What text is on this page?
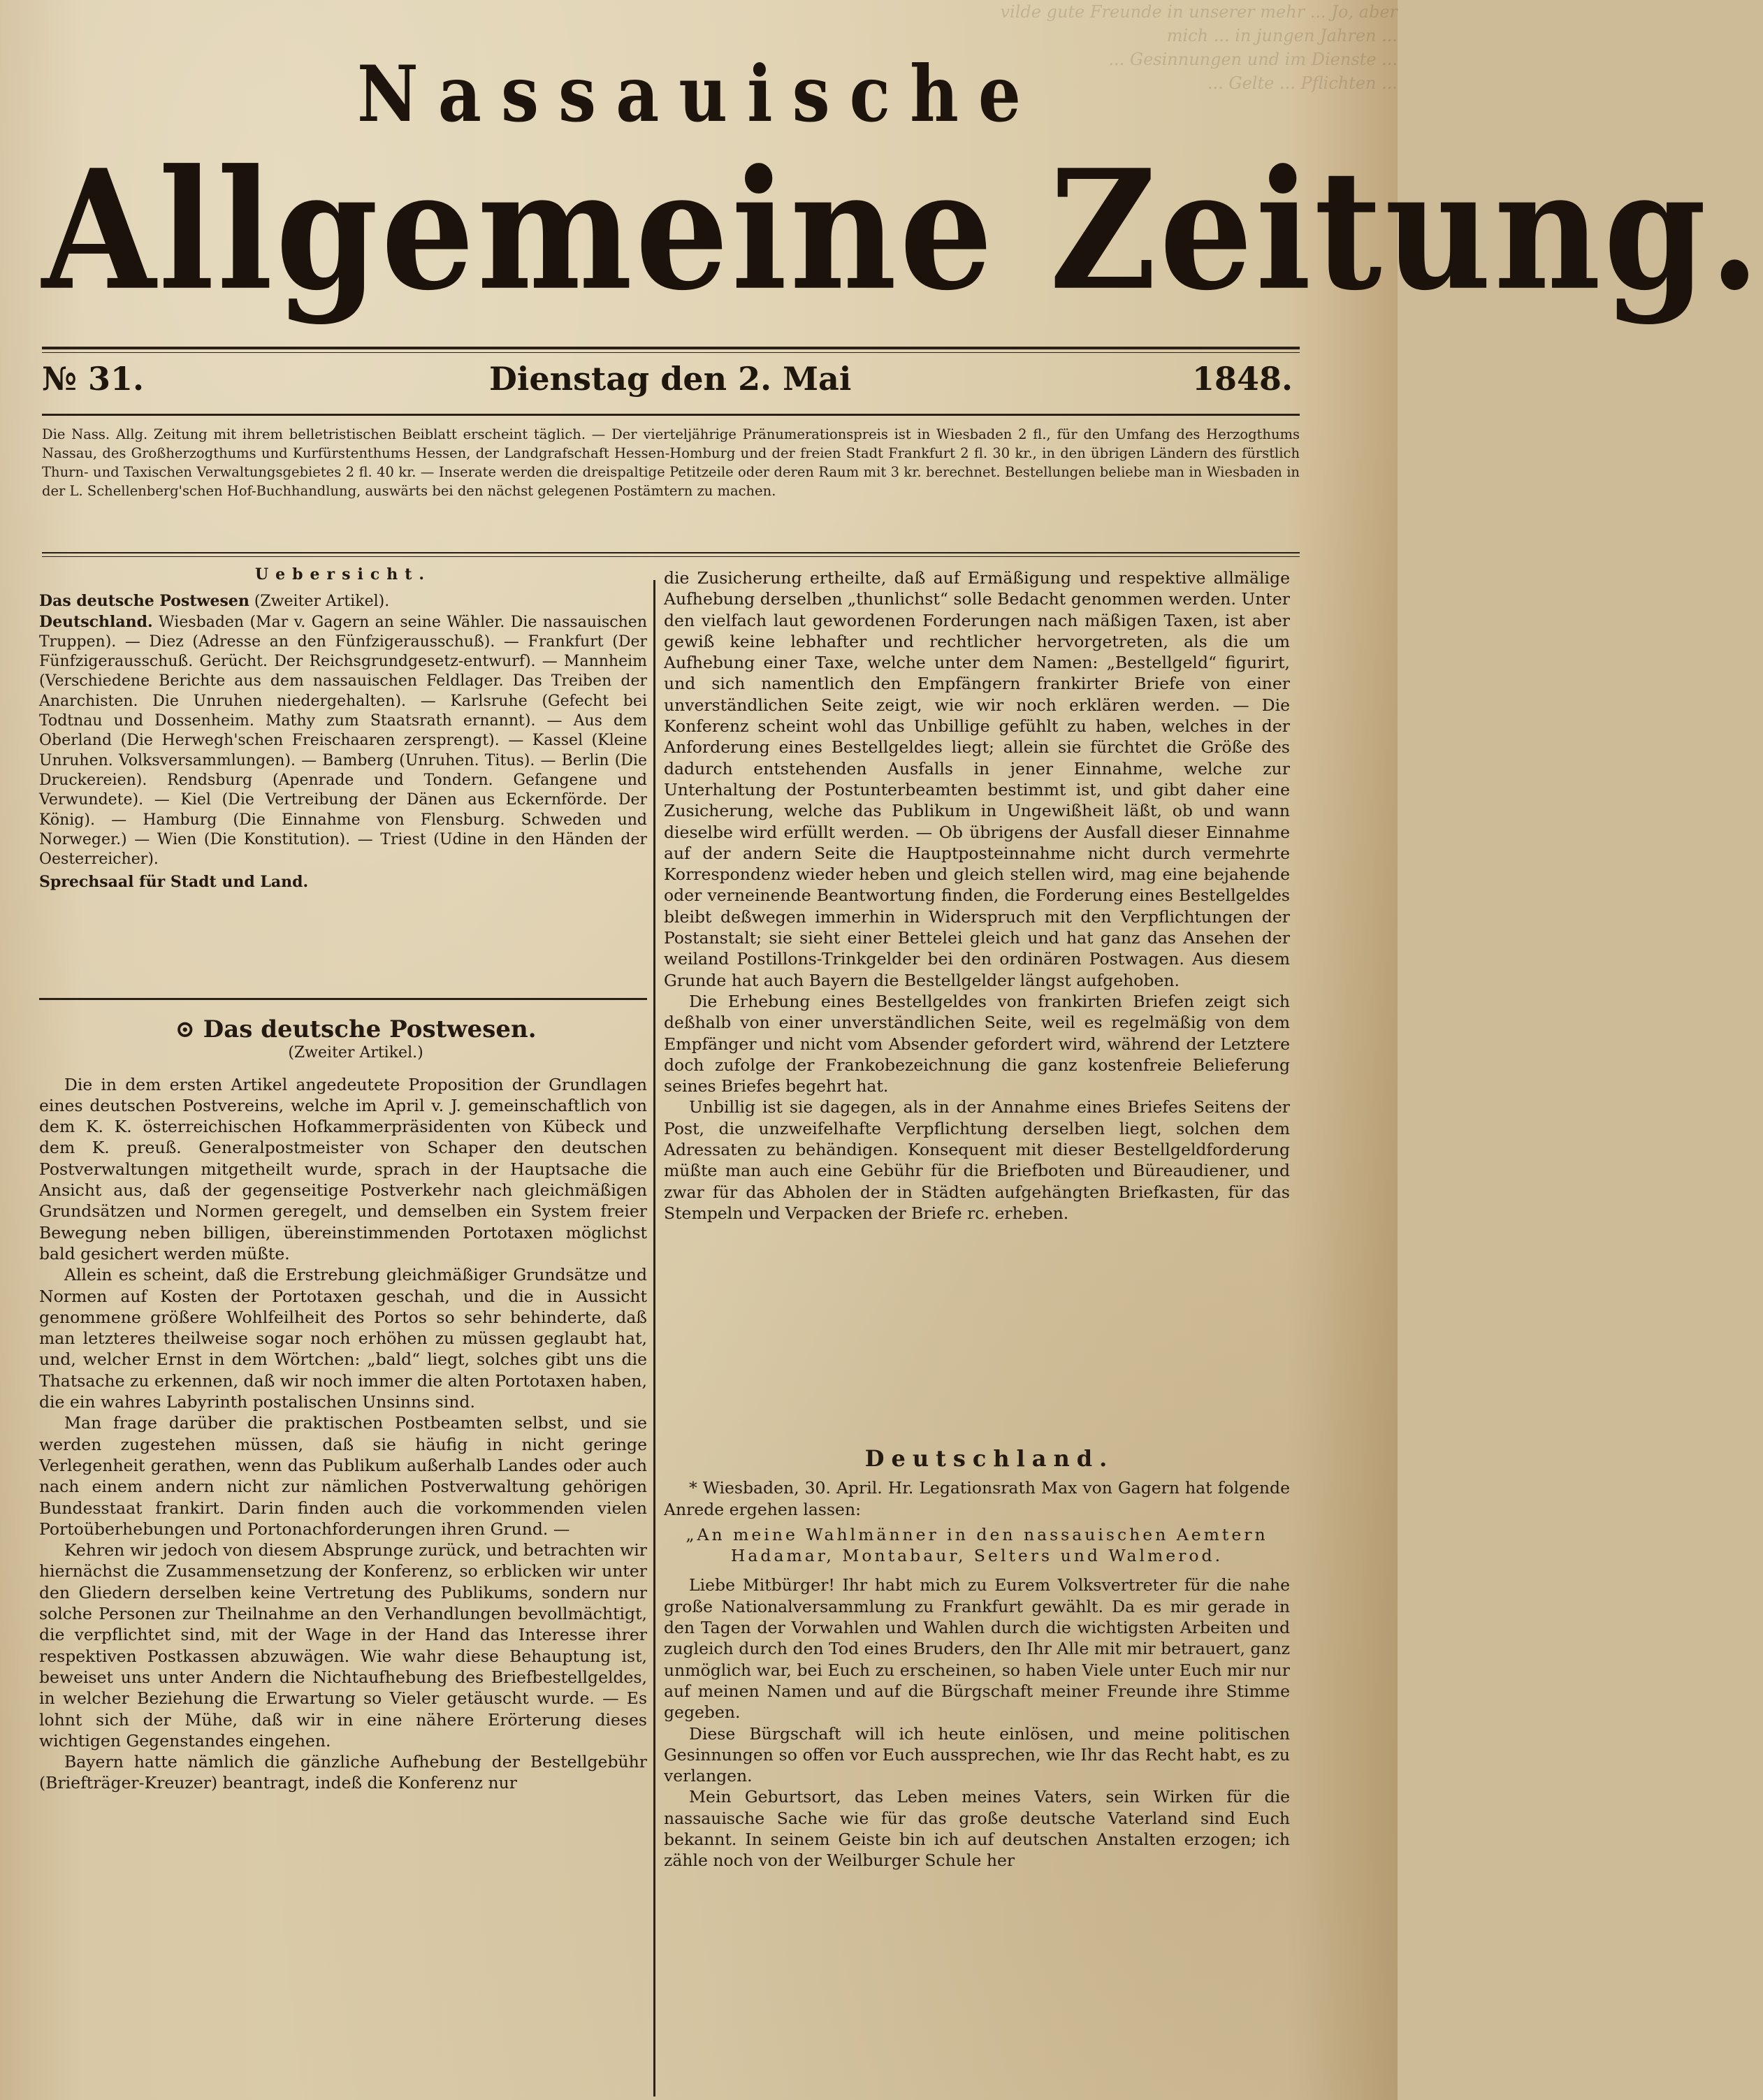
vilde gute Freunde in unserer mehr ... Jo, aber
mich ... in jungen Jahren ...
... Gesinnungen und im Dienste ...
... Gelte ... Pflichten ...
Nassauische
Allgemeine Zeitung.
№ 31.	Dienstag den 2. Mai	1848.
Die Nass. Allg. Zeitung mit ihrem belletristischen Beiblatt erscheint täglich. — Der vierteljährige Pränumerationspreis ist in Wiesbaden 2 fl., für den Umfang des Herzogthums Nassau, des Großherzogthums und Kurfürstenthums Hessen, der Landgrafschaft Hessen-Homburg und der freien Stadt Frankfurt 2 fl. 30 kr., in den übrigen Ländern des fürstlich Thurn- und Taxischen Verwaltungsgebietes 2 fl. 40 kr. — Inserate werden die dreispaltige Petitzeile oder deren Raum mit 3 kr. berechnet. Bestellungen beliebe man in Wiesbaden in der L. Schellenberg'schen Hof-Buchhandlung, auswärts bei den nächst gelegenen Postämtern zu machen.

Uebersicht.

Das deutsche Postwesen (Zweiter Artikel).

Deutschland. Wiesbaden (Mar v. Gagern an seine Wähler. Die nassauischen Truppen). — Diez (Adresse an den Fünfzigerausschuß). — Frankfurt (Der Fünfzigerausschuß. Gerücht. Der Reichsgrundgesetz-entwurf). — Mannheim (Verschiedene Berichte aus dem nassauischen Feldlager. Das Treiben der Anarchisten. Die Unruhen niedergehalten). — Karlsruhe (Gefecht bei Todtnau und Dossenheim. Mathy zum Staatsrath ernannt). — Aus dem Oberland (Die Herwegh'schen Freischaaren zersprengt). — Kassel (Kleine Unruhen. Volksversammlungen). — Bamberg (Unruhen. Titus). — Berlin (Die Druckereien). Rendsburg (Apenrade und Tondern. Gefangene und Verwundete). — Kiel (Die Vertreibung der Dänen aus Eckernförde. Der König). — Hamburg (Die Einnahme von Flensburg. Schweden und Norweger.) — Wien (Die Konstitution). — Triest (Udine in den Händen der Oesterreicher).

Sprechsaal für Stadt und Land.

⊙ Das deutsche Postwesen.

(Zweiter Artikel.)

Die in dem ersten Artikel angedeutete Proposition der Grundlagen eines deutschen Postvereins, welche im April v. J. gemeinschaftlich von dem K. K. österreichischen Hofkammerpräsidenten von Kübeck und dem K. preuß. Generalpostmeister von Schaper den deutschen Postverwaltungen mitgetheilt wurde, sprach in der Hauptsache die Ansicht aus, daß der gegenseitige Postverkehr nach gleichmäßigen Grundsätzen und Normen geregelt, und demselben ein System freier Bewegung neben billigen, übereinstimmenden Portotaxen möglichst bald gesichert werden müßte.

Allein es scheint, daß die Erstrebung gleichmäßiger Grundsätze und Normen auf Kosten der Portotaxen geschah, und die in Aussicht genommene größere Wohlfeilheit des Portos so sehr behinderte, daß man letzteres theilweise sogar noch erhöhen zu müssen geglaubt hat, und, welcher Ernst in dem Wörtchen: „bald“ liegt, solches gibt uns die Thatsache zu erkennen, daß wir noch immer die alten Portotaxen haben, die ein wahres Labyrinth postalischen Unsinns sind.

Man frage darüber die praktischen Postbeamten selbst, und sie werden zugestehen müssen, daß sie häufig in nicht geringe Verlegenheit gerathen, wenn das Publikum außerhalb Landes oder auch nach einem andern nicht zur nämlichen Postverwaltung gehörigen Bundesstaat frankirt. Darin finden auch die vorkommenden vielen Portoüberhebungen und Portonachforderungen ihren Grund. —

Kehren wir jedoch von diesem Absprunge zurück, und betrachten wir hiernächst die Zusammensetzung der Konferenz, so erblicken wir unter den Gliedern derselben keine Vertretung des Publikums, sondern nur solche Personen zur Theilnahme an den Verhandlungen bevollmächtigt, die verpflichtet sind, mit der Wage in der Hand das Interesse ihrer respektiven Postkassen abzuwägen. Wie wahr diese Behauptung ist, beweiset uns unter Andern die Nichtaufhebung des Briefbestellgeldes, in welcher Beziehung die Erwartung so Vieler getäuscht wurde. — Es lohnt sich der Mühe, daß wir in eine nähere Erörterung dieses wichtigen Gegenstandes eingehen.

Bayern hatte nämlich die gänzliche Aufhebung der Bestellgebühr (Briefträger-Kreuzer) beantragt, indeß die Konferenz nur

die Zusicherung ertheilte, daß auf Ermäßigung und respektive allmälige Aufhebung derselben „thunlichst“ solle Bedacht genommen werden. Unter den vielfach laut gewordenen Forderungen nach mäßigen Taxen, ist aber gewiß keine lebhafter und rechtlicher hervorgetreten, als die um Aufhebung einer Taxe, welche unter dem Namen: „Bestellgeld“ figurirt, und sich namentlich den Empfängern frankirter Briefe von einer unverständlichen Seite zeigt, wie wir noch erklären werden. — Die Konferenz scheint wohl das Unbillige gefühlt zu haben, welches in der Anforderung eines Bestellgeldes liegt; allein sie fürchtet die Größe des dadurch entstehenden Ausfalls in jener Einnahme, welche zur Unterhaltung der Postunterbeamten bestimmt ist, und gibt daher eine Zusicherung, welche das Publikum in Ungewißheit läßt, ob und wann dieselbe wird erfüllt werden. — Ob übrigens der Ausfall dieser Einnahme auf der andern Seite die Hauptposteinnahme nicht durch vermehrte Korrespondenz wieder heben und gleich stellen wird, mag eine bejahende oder verneinende Beantwortung finden, die Forderung eines Bestellgeldes bleibt deßwegen immerhin in Widerspruch mit den Verpflichtungen der Postanstalt; sie sieht einer Bettelei gleich und hat ganz das Ansehen der weiland Postillons-Trinkgelder bei den ordinären Postwagen. Aus diesem Grunde hat auch Bayern die Bestellgelder längst aufgehoben.

Die Erhebung eines Bestellgeldes von frankirten Briefen zeigt sich deßhalb von einer unverständlichen Seite, weil es regelmäßig von dem Empfänger und nicht vom Absender gefordert wird, während der Letztere doch zufolge der Frankobezeichnung die ganz kostenfreie Belieferung seines Briefes begehrt hat.

Unbillig ist sie dagegen, als in der Annahme eines Briefes Seitens der Post, die unzweifelhafte Verpflichtung derselben liegt, solchen dem Adressaten zu behändigen. Konsequent mit dieser Bestellgeldforderung müßte man auch eine Gebühr für die Briefboten und Büreaudiener, und zwar für das Abholen der in Städten aufgehängten Briefkasten, für das Stempeln und Verpacken der Briefe rc. erheben.

Deutschland.

* Wiesbaden, 30. April. Hr. Legationsrath Max von Gagern hat folgende Anrede ergehen lassen:

„An meine Wahlmänner in den nassauischen Aemtern Hadamar, Montabaur, Selters und Walmerod.

Liebe Mitbürger! Ihr habt mich zu Eurem Volksvertreter für die nahe große Nationalversammlung zu Frankfurt gewählt. Da es mir gerade in den Tagen der Vorwahlen und Wahlen durch die wichtigsten Arbeiten und zugleich durch den Tod eines Bruders, den Ihr Alle mit mir betrauert, ganz unmöglich war, bei Euch zu erscheinen, so haben Viele unter Euch mir nur auf meinen Namen und auf die Bürgschaft meiner Freunde ihre Stimme gegeben.

Diese Bürgschaft will ich heute einlösen, und meine politischen Gesinnungen so offen vor Euch aussprechen, wie Ihr das Recht habt, es zu verlangen.

Mein Geburtsort, das Leben meines Vaters, sein Wirken für die nassauische Sache wie für das große deutsche Vaterland sind Euch bekannt. In seinem Geiste bin ich auf deutschen Anstalten erzogen; ich zähle noch von der Weilburger Schule her
